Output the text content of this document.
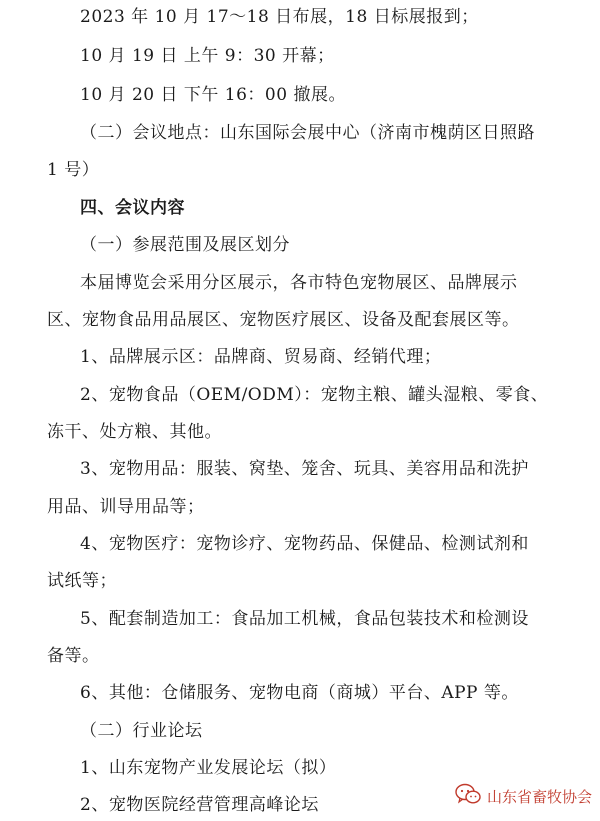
2023 年 10 月 17～18 日布展，18 日标展报到；
10 月 19 日 上午 9：30 开幕；
10 月 20 日 下午 16：00 撤展。
（二）会议地点：山东国际会展中心（济南市槐荫区日照路
1 号）
四、会议内容
（一）参展范围及展区划分
本届博览会采用分区展示，各市特色宠物展区、品牌展示
区、宠物食品用品展区、宠物医疗展区、设备及配套展区等。
1、品牌展示区：品牌商、贸易商、经销代理；
2、宠物食品（OEM/ODM）：宠物主粮、罐头湿粮、零食、
冻干、处方粮、其他。
3、宠物用品：服装、窝垫、笼舍、玩具、美容用品和洗护
用品、训导用品等；
4、宠物医疗：宠物诊疗、宠物药品、保健品、检测试剂和
试纸等；
5、配套制造加工：食品加工机械，食品包装技术和检测设
备等。
6、其他：仓储服务、宠物电商（商城）平台、APP 等。
（二）行业论坛
1、山东宠物产业发展论坛（拟）
2、宠物医院经营管理高峰论坛	山东省畜牧协会
